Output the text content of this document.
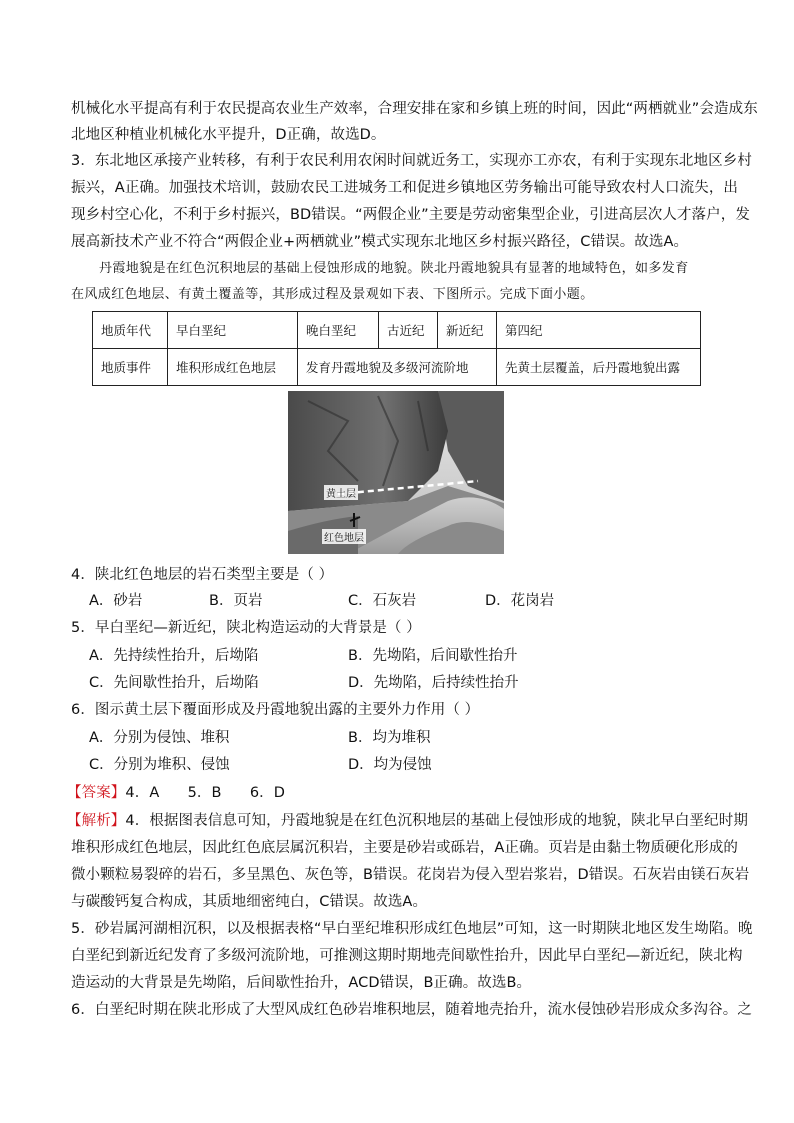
机械化水平提高有利于农民提高农业生产效率，合理安排在家和乡镇上班的时间，因此“两栖就业”会造成东
北地区种植业机械化水平提升，D正确，故选D。
3．东北地区承接产业转移，有利于农民利用农闲时间就近务工，实现亦工亦农，有利于实现东北地区乡村
振兴，A正确。加强技术培训，鼓励农民工进城务工和促进乡镇地区劳务输出可能导致农村人口流失，出
现乡村空心化，不利于乡村振兴，BD错误。“两假企业”主要是劳动密集型企业，引进高层次人才落户，发
展高新技术产业不符合“两假企业+两栖就业”模式实现东北地区乡村振兴路径，C错误。故选A。
丹霞地貌是在红色沉积地层的基础上侵蚀形成的地貌。陕北丹霞地貌具有显著的地域特色，如多发育
在风成红色地层、有黄土覆盖等，其形成过程及景观如下表、下图所示。完成下面小题。
地质年代	早白垩纪	晚白垩纪	古近纪	新近纪	第四纪
地质事件	堆积形成红色地层	发育丹霞地貌及多级河流阶地			先黄土层覆盖，后丹霞地貌出露
黄土层
红色地层
4．陕北红色地层的岩石类型主要是（ ）
A．砂岩	B．页岩	C．石灰岩	D．花岗岩
5．早白垩纪—新近纪，陕北构造运动的大背景是（ ）
A．先持续性抬升，后坳陷	B．先坳陷，后间歇性抬升
C．先间歇性抬升，后坳陷	D．先坳陷，后持续性抬升
6．图示黄土层下覆面形成及丹霞地貌出露的主要外力作用（ ）
A．分别为侵蚀、堆积	B．均为堆积
C．分别为堆积、侵蚀	D．均为侵蚀
【答案】4．A      5．B      6．D
【解析】4．根据图表信息可知，丹霞地貌是在红色沉积地层的基础上侵蚀形成的地貌，陕北早白垩纪时期
堆积形成红色地层，因此红色底层属沉积岩，主要是砂岩或砾岩，A正确。页岩是由黏土物质硬化形成的
微小颗粒易裂碎的岩石，多呈黑色、灰色等，B错误。花岗岩为侵入型岩浆岩，D错误。石灰岩由镁石灰岩
与碳酸钙复合构成，其质地细密纯白，C错误。故选A。
5．砂岩属河湖相沉积，以及根据表格“早白垩纪堆积形成红色地层”可知，这一时期陕北地区发生坳陷。晚
白垩纪到新近纪发育了多级河流阶地，可推测这期时期地壳间歇性抬升，因此早白垩纪—新近纪，陕北构
造运动的大背景是先坳陷，后间歇性抬升，ACD错误，B正确。故选B。
6．白垩纪时期在陕北形成了大型风成红色砂岩堆积地层，随着地壳抬升，流水侵蚀砂岩形成众多沟谷。之
